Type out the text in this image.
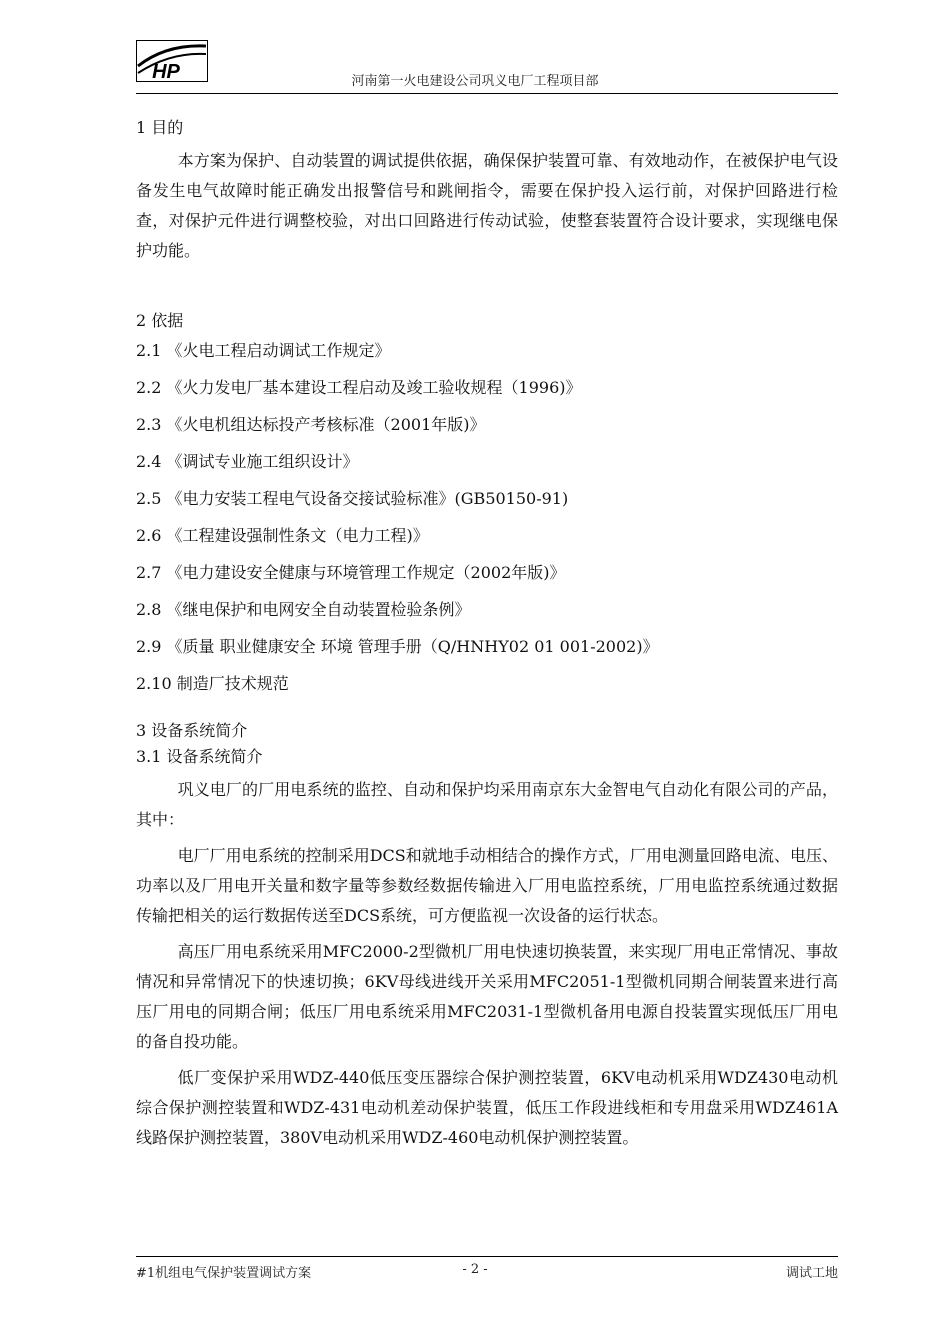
HP	河南第一火电建设公司巩义电厂工程项目部

1 目的

本方案为保护、自动装置的调试提供依据，确保保护装置可靠、有效地动作，在被保护电气设备发生电气故障时能正确发出报警信号和跳闸指令，需要在保护投入运行前，对保护回路进行检查，对保护元件进行调整校验，对出口回路进行传动试验，使整套装置符合设计要求，实现继电保护功能。

2 依据

2.1 《火电工程启动调试工作规定》

2.2 《火力发电厂基本建设工程启动及竣工验收规程（1996)》

2.3 《火电机组达标投产考核标准（2001年版)》

2.4 《调试专业施工组织设计》

2.5 《电力安装工程电气设备交接试验标准》(GB50150-91)

2.6 《工程建设强制性条文（电力工程)》

2.7 《电力建设安全健康与环境管理工作规定（2002年版)》

2.8 《继电保护和电网安全自动装置检验条例》

2.9 《质量 职业健康安全 环境 管理手册（Q/HNHY02 01 001-2002)》

2.10 制造厂技术规范

3 设备系统简介

3.1 设备系统简介

巩义电厂的厂用电系统的监控、自动和保护均采用南京东大金智电气自动化有限公司的产品，其中：

电厂厂用电系统的控制采用DCS和就地手动相结合的操作方式，厂用电测量回路电流、电压、功率以及厂用电开关量和数字量等参数经数据传输进入厂用电监控系统，厂用电监控系统通过数据传输把相关的运行数据传送至DCS系统，可方便监视一次设备的运行状态。

高压厂用电系统采用MFC2000-2型微机厂用电快速切换装置，来实现厂用电正常情况、事故情况和异常情况下的快速切换；6KV母线进线开关采用MFC2051-1型微机同期合闸装置来进行高压厂用电的同期合闸；低压厂用电系统采用MFC2031-1型微机备用电源自投装置实现低压厂用电的备自投功能。

低厂变保护采用WDZ-440低压变压器综合保护测控装置，6KV电动机采用WDZ430电动机综合保护测控装置和WDZ-431电动机差动保护装置，低压工作段进线柜和专用盘采用WDZ461A线路保护测控装置，380V电动机采用WDZ-460电动机保护测控装置。

#1机组电气保护装置调试方案	- 2 -	调试工地
